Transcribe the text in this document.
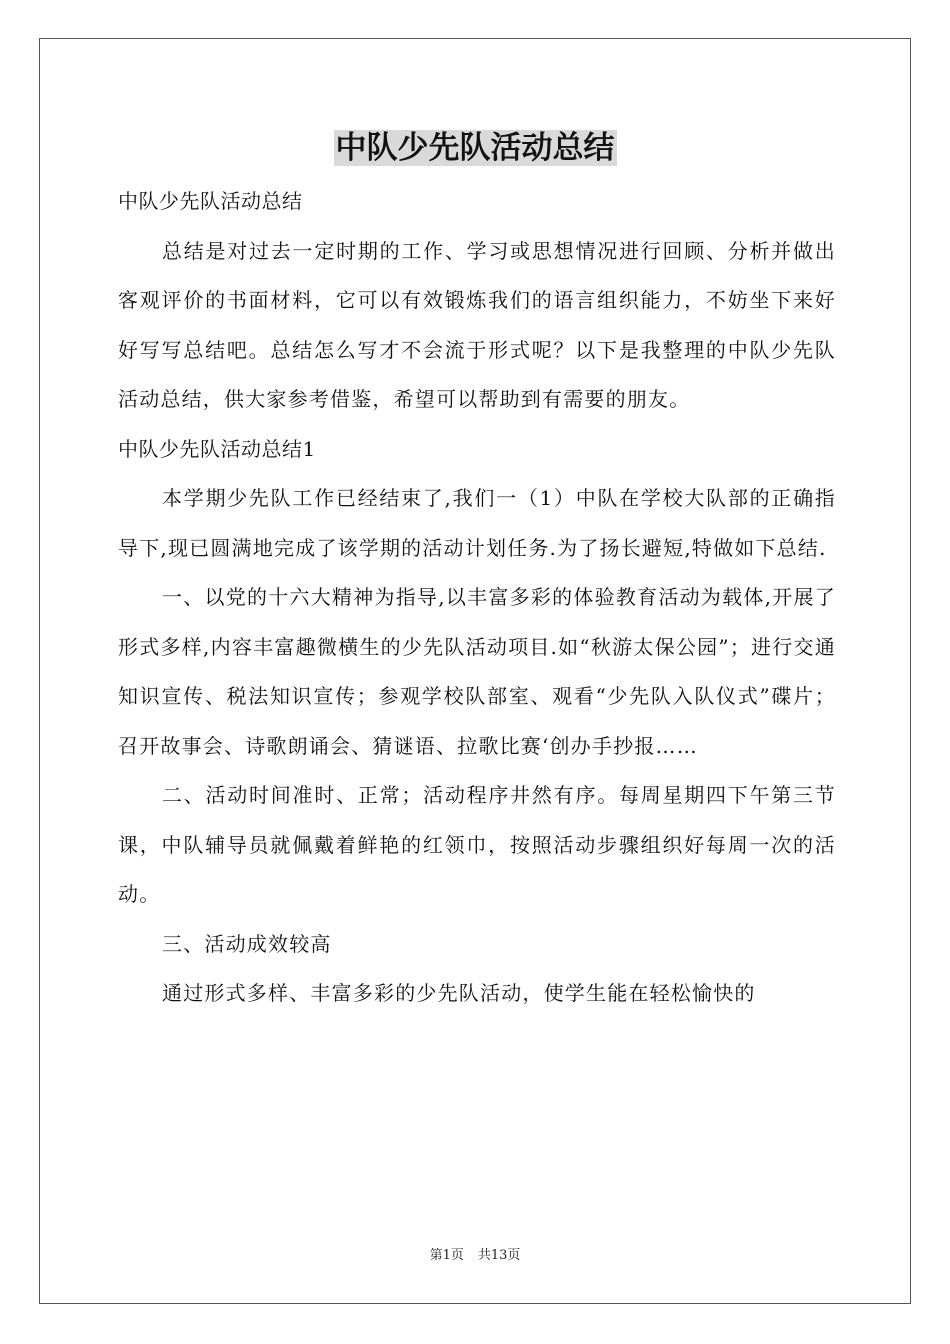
中队少先队活动总结

中队少先队活动总结

总结是对过去一定时期的工作、学习或思想情况进行回顾、分析并做出客观评价的书面材料，它可以有效锻炼我们的语言组织能力，不妨坐下来好好写写总结吧。总结怎么写才不会流于形式呢？以下是我整理的中队少先队活动总结，供大家参考借鉴，希望可以帮助到有需要的朋友。

中队少先队活动总结1

本学期少先队工作已经结束了,我们一（1）中队在学校大队部的正确指导下,现已圆满地完成了该学期的活动计划任务.为了扬长避短,特做如下总结.

一、以党的十六大精神为指导,以丰富多彩的体验教育活动为载体,开展了形式多样,内容丰富趣微横生的少先队活动项目.如“秋游太保公园”；进行交通知识宣传、税法知识宣传；参观学校队部室、观看“少先队入队仪式”碟片；召开故事会、诗歌朗诵会、猜谜语、拉歌比赛‘创办手抄报……

二、活动时间准时、正常；活动程序井然有序。每周星期四下午第三节课，中队辅导员就佩戴着鲜艳的红领巾，按照活动步骤组织好每周一次的活动。

三、活动成效较高

通过形式多样、丰富多彩的少先队活动，使学生能在轻松愉快的

第1页 共13页
